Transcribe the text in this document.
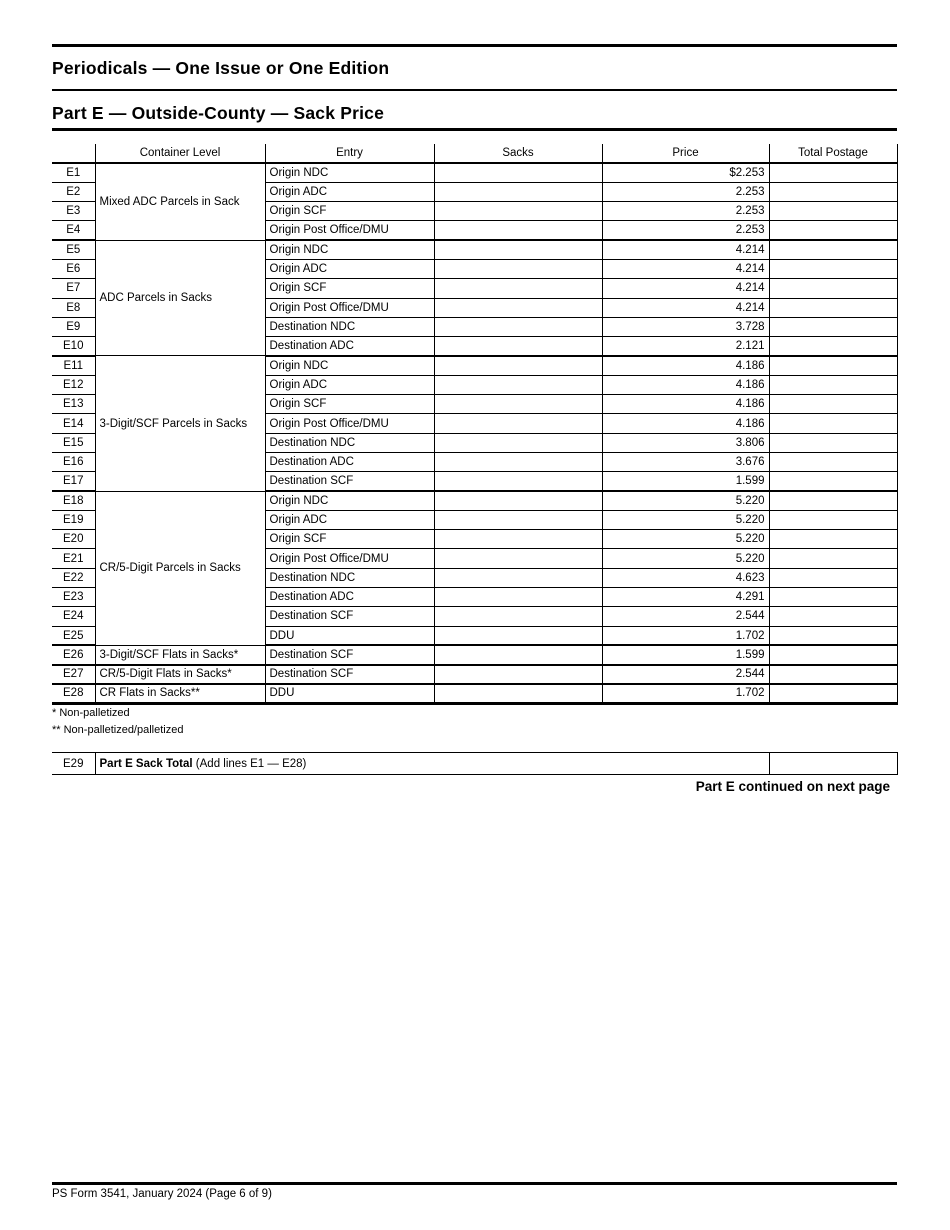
Periodicals — One Issue or One Edition
Part E — Outside-County — Sack Price
	Container Level	Entry	Sacks	Price	Total Postage
E1	Mixed ADC Parcels in Sack	Origin NDC		$2.253	
E2		Origin ADC		2.253	
E3		Origin SCF		2.253	
E4		Origin Post Office/DMU		2.253	
E5	ADC Parcels in Sacks	Origin NDC		4.214	
E6		Origin ADC		4.214	
E7		Origin SCF		4.214	
E8		Origin Post Office/DMU		4.214	
E9		Destination NDC		3.728	
E10		Destination ADC		2.121	
E11	3-Digit/SCF Parcels in Sacks	Origin NDC		4.186	
E12		Origin ADC		4.186	
E13		Origin SCF		4.186	
E14		Origin Post Office/DMU		4.186	
E15		Destination NDC		3.806	
E16		Destination ADC		3.676	
E17		Destination SCF		1.599	
E18	CR/5-Digit Parcels in Sacks	Origin NDC		5.220	
E19		Origin ADC		5.220	
E20		Origin SCF		5.220	
E21		Origin Post Office/DMU		5.220	
E22		Destination NDC		4.623	
E23		Destination ADC		4.291	
E24		Destination SCF		2.544	
E25		DDU		1.702	
E26	3-Digit/SCF Flats in Sacks*	Destination SCF		1.599	
E27	CR/5-Digit Flats in Sacks*	Destination SCF		2.544	
E28	CR Flats in Sacks**	DDU		1.702	

* Non-palletized

** Non-palletized/palletized

E29	Part E Sack Total (Add lines E1 — E28)	
Part E continued on next page
PS Form 3541, January 2024 (Page 6 of 9)
